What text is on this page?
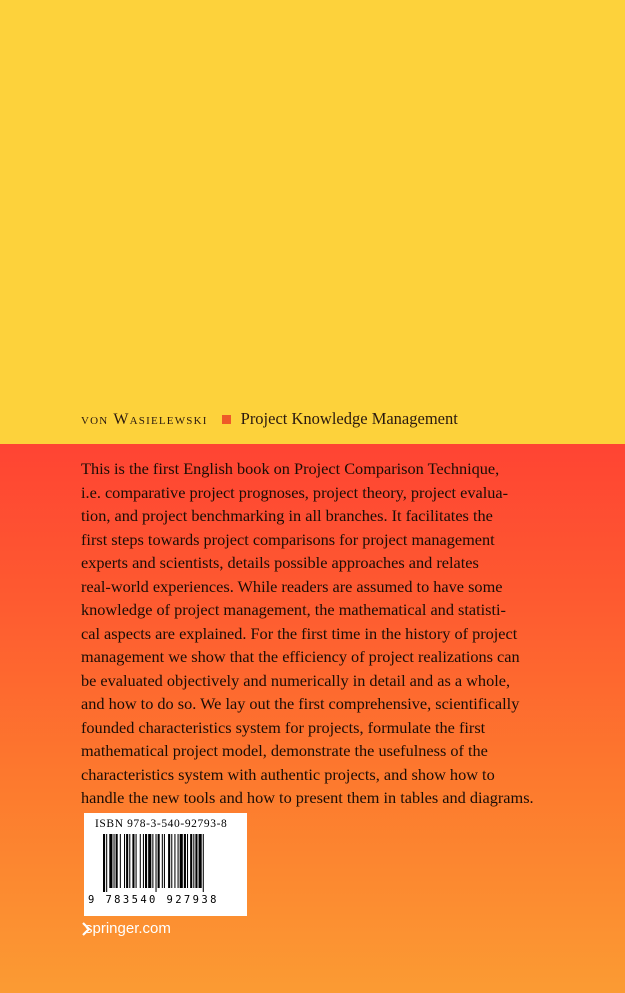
von Wasielewski Project Knowledge Management

This is the first English book on Project Comparison Technique,
i.e. comparative project prognoses, project theory, project evalua-
tion, and project benchmarking in all branches. It facilitates the
first steps towards project comparisons for project management
experts and scientists, details possible approaches and relates
real-world experiences. While readers are assumed to have some
knowledge of project management, the mathematical and statisti-
cal aspects are explained. For the first time in the history of project
management we show that the efficiency of project realizations can
be evaluated objectively and numerically in detail and as a whole,
and how to do so. We lay out the first comprehensive, scientifically
founded characteristics system for projects, formulate the first
mathematical project model, demonstrate the usefulness of the
characteristics system with authentic projects, and show how to
handle the new tools and how to present them in tables and diagrams.

ISBN 978-3-540-92793-8
9 783540 927938
springer.com
